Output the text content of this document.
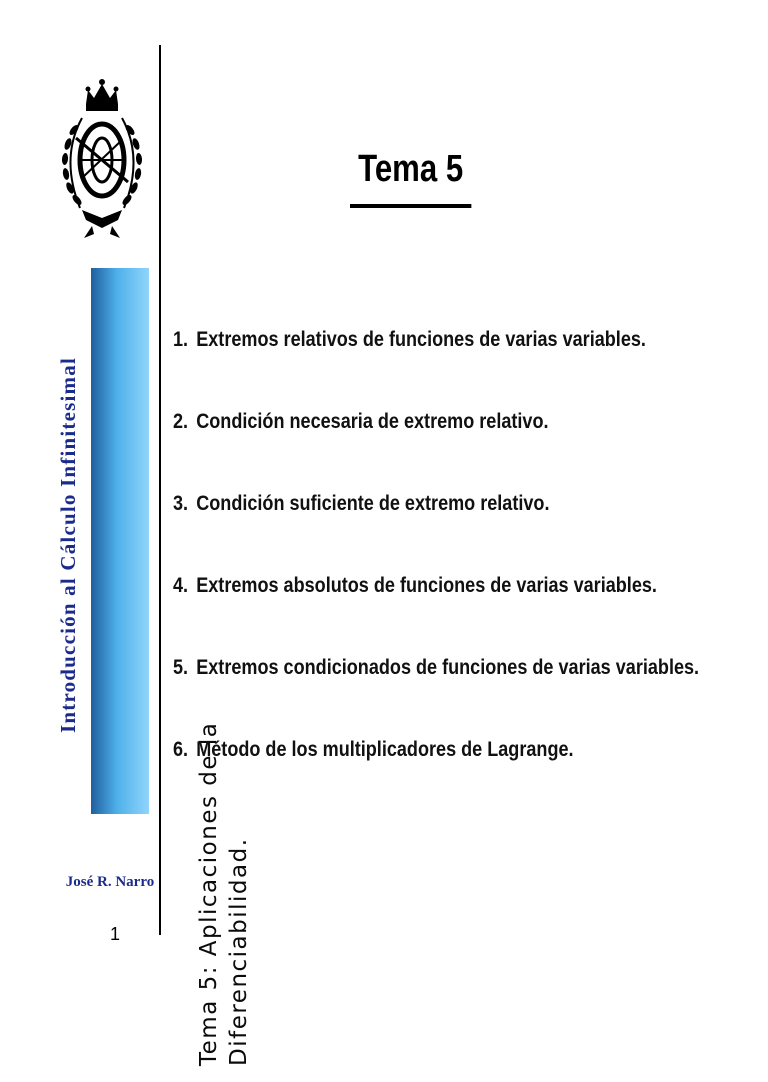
Tema 5: Aplicaciones de la Diferenciabilidad.
Introducción al Cálculo Infinitesimal
José R. Narro
1
Tema 5
1. Extremos relativos de funciones de varias variables.
2. Condición necesaria de extremo relativo.
3. Condición suficiente de extremo relativo.
4. Extremos absolutos de funciones de varias variables.
5. Extremos condicionados de funciones de varias variables.
6. Método de los multiplicadores de Lagrange.
